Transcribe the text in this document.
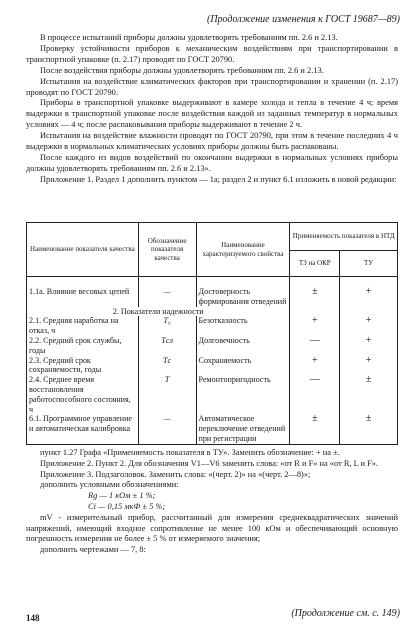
(Продолжение изменения к ГОСТ 19687—89)

В процессе испытаний приборы должны удовлетворять требованиям пп. 2.6 и 2.13.

Проверку устойчивости приборов к механическим воздействиям при транспортировании в транспортной упаковке (п. 2.17) проводят по ГОСТ 20790.

После воздействия приборы должны удовлетворять требованиям пп. 2.6 и 2.13.

Испытания на воздействие климатических факторов при транспортировании и хранении (п. 2.17) проводят по ГОСТ 20790.

Приборы в транспортной упаковке выдерживают в камере холода и тепла в течение 4 ч; время выдержки в транспортной упаковке после воздействия каждой из заданных температур в нормальных условиях — 4 ч; после распаковывания приборы выдерживают в течение 2 ч.

Испытания на воздействие влажности проводят по ГОСТ 20790, при этом в течение последних 4 ч выдержки в нормальных климатических условиях приборы должны быть распакованы.

После каждого из видов воздействий по окончании выдержки в нормальных условиях приборы должны удовлетворять требованиям пп. 2.6 и 2.13».

Приложение 1. Раздел 1 дополнить пунктом — 1а; раздел 2 и пункт 6.1 изложить в новой редакции:

Наименование показателя качества	Обозначение показателя качества	Наименование характеризуемого свойства	Применяемость показателя в НТД	
			ТЗ на ОКР	ТУ
1.1а. Влияние весовых цепей	—	Достоверность формирования отведений	±	+
2. Показатели надежности				
2.1. Средняя наработка на отказ, ч	T₀	Безотказность	+	+
2.2. Средний срок службы, годы	Tсл	Долговечность	—	+
2.3. Средний срок сохраняемости, годы	Tс	Сохраняемость	+	+
2.4. Среднее время восстановления работоспособного состояния, ч	T	Ремонтопригодность	—	±
6.1. Программное управление и автоматическая калибровка	—	Автоматическое переключение отведений при регистрации	±	±

пункт 1.27 Графа «Применяемость показателя в ТУ». Заменить обозначение: + на ±.

Приложение 2. Пункт 2. Для обозначения V1—V6 заменить слова: «от R и F» на «от R, L и F».

Приложение 3. Подзаголовок. Заменить слова: «(черт. 2)» на «(черт. 2—8)»;

дополнить условными обозначениями:

Rg — 1 кОм ± 1 %;

Ci — 0,15 мкФ ± 5 %;

mV - измерительный прибор, рассчитанный для измерения среднеквадратических значений напряжений, имеющий входное сопротивление не менее 100 кОм и обеспечивающий основную погрешность измерения не более ± 5 % от измеряемого значения;

дополнить чертежами — 7, 8:

148	(Продолжение см. с. 149)
